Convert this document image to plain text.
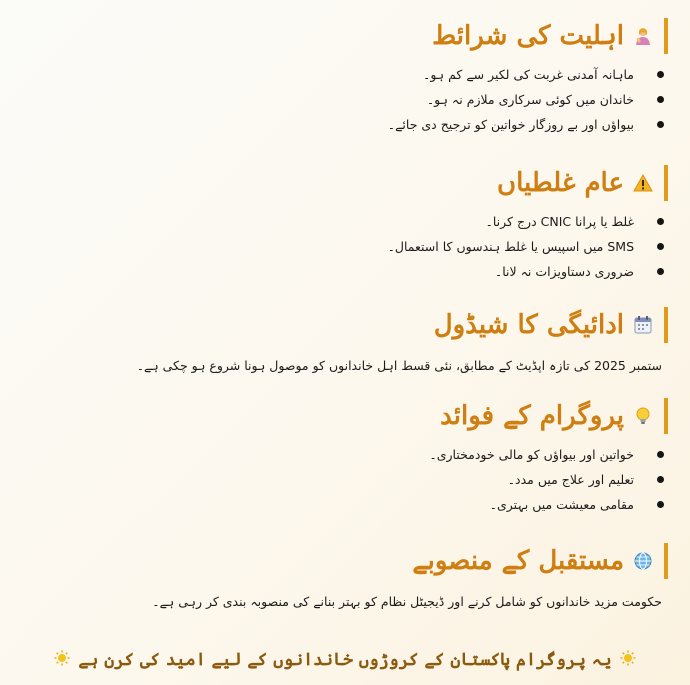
اہلیت کی شرائط
ماہانہ آمدنی غربت کی لکیر سے کم ہو۔
خاندان میں کوئی سرکاری ملازم نہ ہو۔
بیواؤں اور بے روزگار خواتین کو ترجیح دی جائے۔
عام غلطیاں
غلط یا پرانا CNIC درج کرنا۔
SMS میں اسپیس یا غلط ہندسوں کا استعمال۔
ضروری دستاویزات نہ لانا۔
ادائیگی کا شیڈول

ستمبر 2025 کی تازہ اپڈیٹ کے مطابق، نئی قسط اہل خاندانوں کو موصول ہونا شروع ہو چکی ہے۔

پروگرام کے فوائد
خواتین اور بیواؤں کو مالی خودمختاری۔
تعلیم اور علاج میں مدد۔
مقامی معیشت میں بہتری۔
مستقبل کے منصوبے

حکومت مزید خاندانوں کو شامل کرنے اور ڈیجیٹل نظام کو بہتر بنانے کی منصوبہ بندی کر رہی ہے۔

یہ پروگرام پاکستان کے کروڑوں خاندانوں کے لیے امید کی کرن ہے
